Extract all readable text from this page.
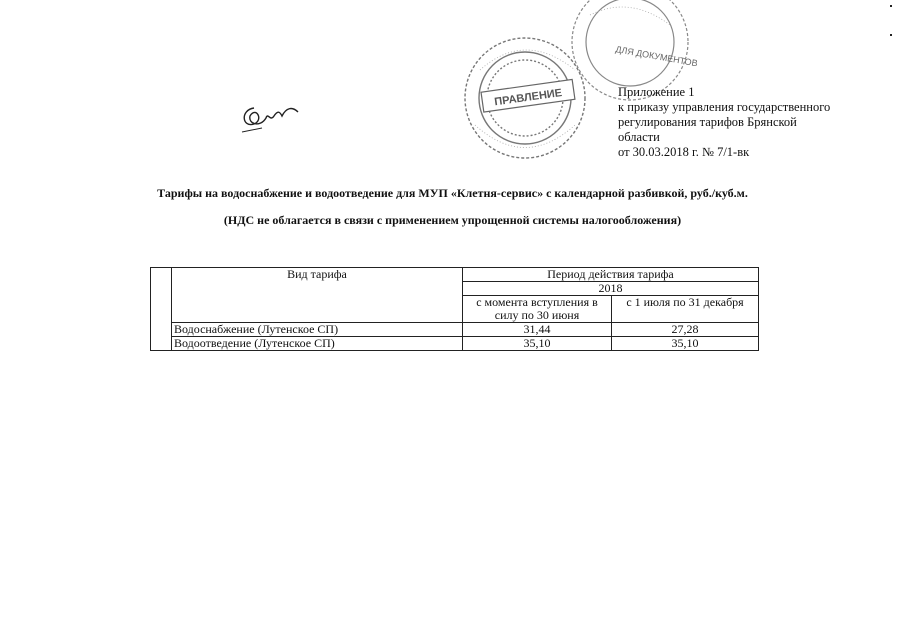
ПРАВЛЕНИЕ
ДЛЯ ДОКУМЕНТОВ
Приложение 1
к приказу управления государственного
регулирования тарифов Брянской
области
от 30.03.2018 г. № 7/1-вк
Тарифы на водоснабжение и водоотведение для МУП «Клетня-сервис» с календарной разбивкой, руб./куб.м.
(НДС не облагается в связи с применением упрощенной системы налогообложения)
	Вид тарифа	Период действия тарифа	
		2018	
		с момента вступления в силу по 30 июня	с 1 июля по 31 декабря
	Водоснабжение (Лутенское СП)	31,44	27,28
	Водоотведение (Лутенское СП)	35,10	35,10
